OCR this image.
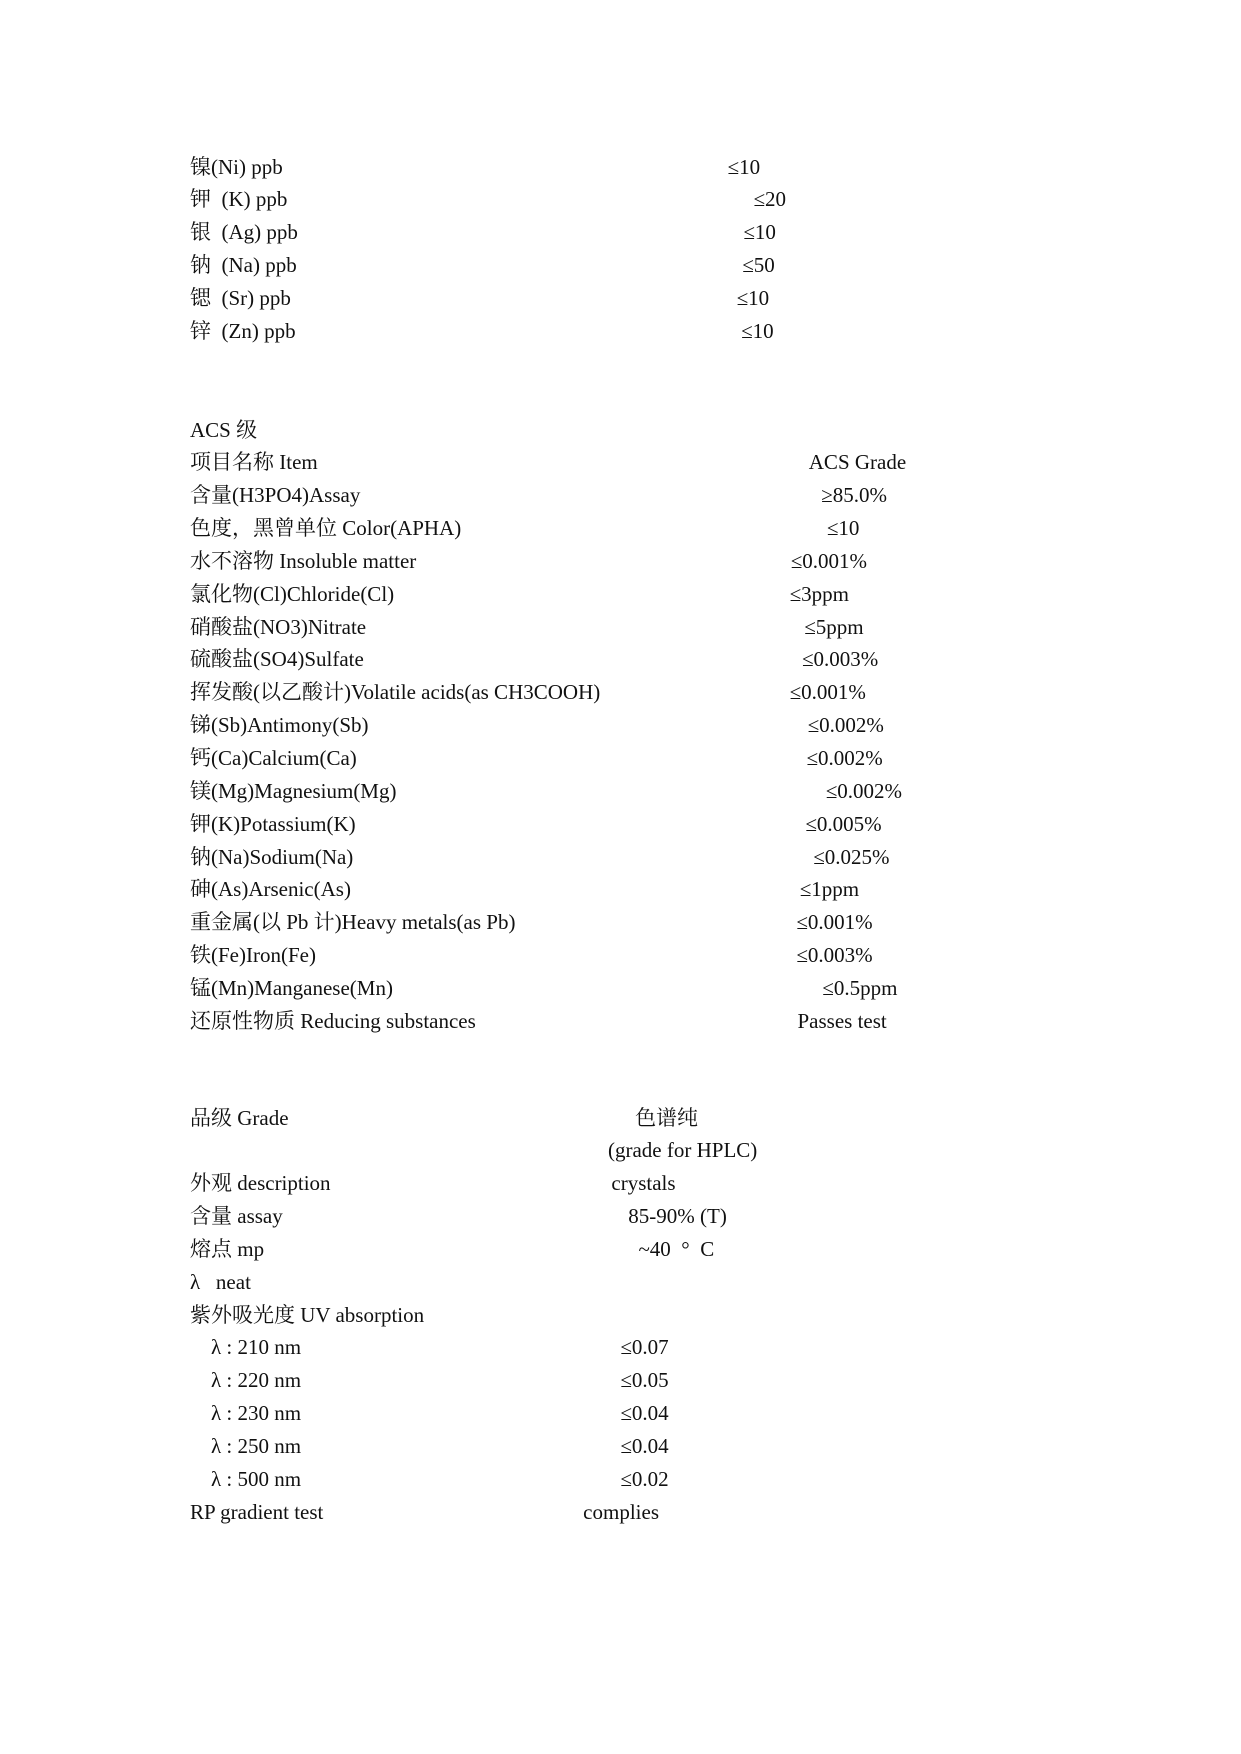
镍(Ni) ppb	≤10
钾  (K) ppb	≤20
银  (Ag) ppb	≤10
钠  (Na) ppb	≤50
锶  (Sr) ppb	≤10
锌  (Zn) ppb	≤10
ACS 级
项目名称 Item	ACS Grade
含量(H3PO4)Assay	≥85.0%
色度，黑曾单位 Color(APHA)	≤10
水不溶物 Insoluble matter	≤0.001%
氯化物(Cl)Chloride(Cl)	≤3ppm
硝酸盐(NO3)Nitrate	≤5ppm
硫酸盐(SO4)Sulfate	≤0.003%
挥发酸(以乙酸计)Volatile acids(as CH3COOH)	≤0.001%
锑(Sb)Antimony(Sb)	≤0.002%
钙(Ca)Calcium(Ca)	≤0.002%
镁(Mg)Magnesium(Mg)	≤0.002%
钾(K)Potassium(K)	≤0.005%
钠(Na)Sodium(Na)	≤0.025%
砷(As)Arsenic(As)	≤1ppm
重金属(以 Pb 计)Heavy metals(as Pb)	≤0.001%
铁(Fe)Iron(Fe)	≤0.003%
锰(Mn)Manganese(Mn)	≤0.5ppm
还原性物质 Reducing substances	Passes test
品级 Grade	色谱纯
(grade for HPLC)
外观 description	crystals
含量 assay	85-90% (T)
熔点 mp	~40  °  C
λ   neat
紫外吸光度 UV absorption
λ : 210 nm	≤0.07
λ : 220 nm	≤0.05
λ : 230 nm	≤0.04
λ : 250 nm	≤0.04
λ : 500 nm	≤0.02
RP gradient test	complies
